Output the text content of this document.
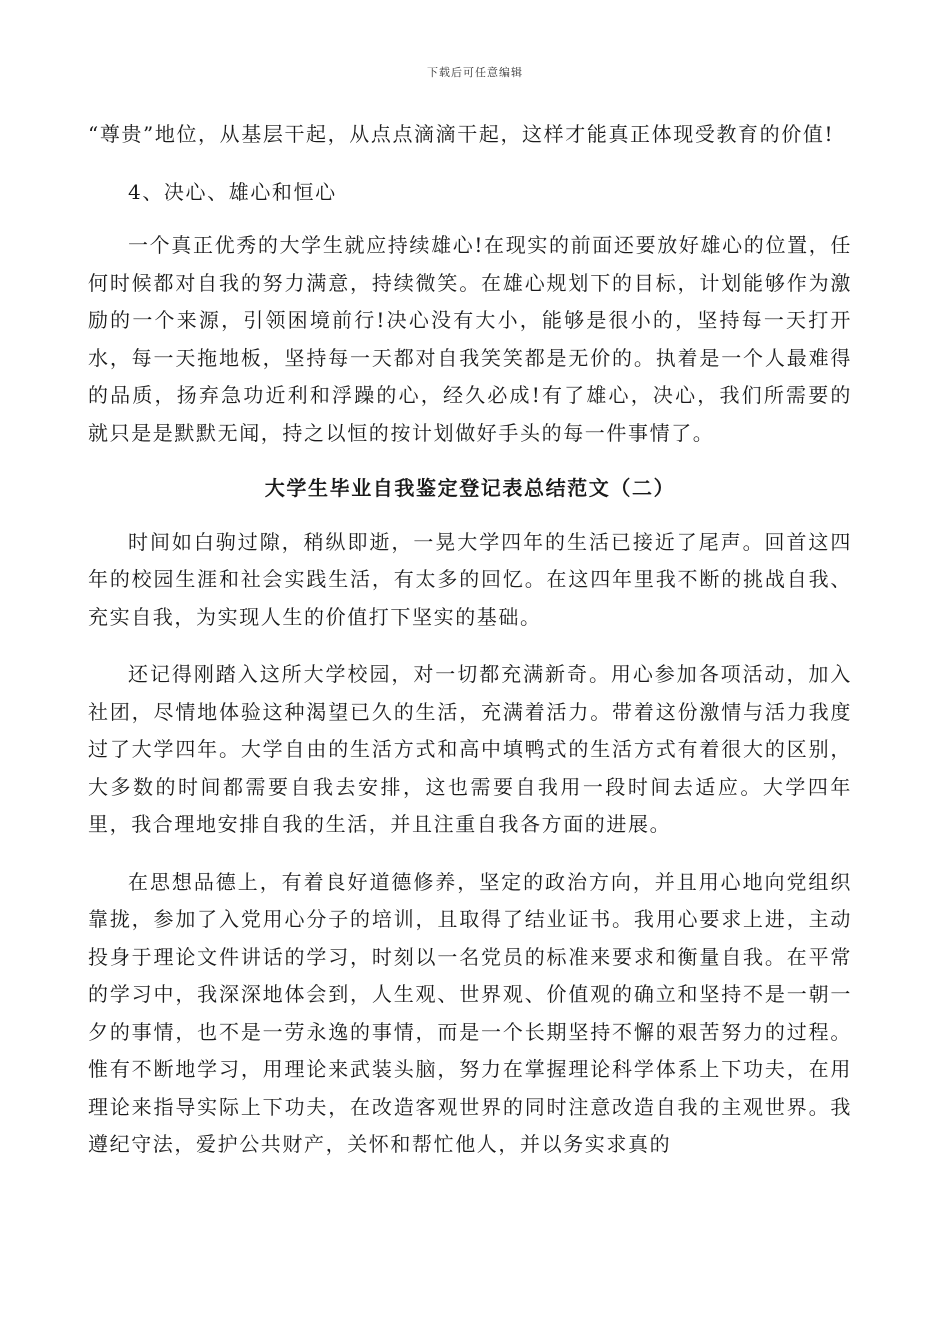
下载后可任意编辑

“尊贵”地位，从基层干起，从点点滴滴干起，这样才能真正体现受教育的价值!

4、决心、雄心和恒心

一个真正优秀的大学生就应持续雄心!在现实的前面还要放好雄心的位置，任何时候都对自我的努力满意，持续微笑。在雄心规划下的目标，计划能够作为激励的一个来源，引领困境前行!决心没有大小，能够是很小的，坚持每一天打开水，每一天拖地板，坚持每一天都对自我笑笑都是无价的。执着是一个人最难得的品质，扬弃急功近利和浮躁的心，经久必成!有了雄心，决心，我们所需要的就只是是默默无闻，持之以恒的按计划做好手头的每一件事情了。

大学生毕业自我鉴定登记表总结范文（二）

时间如白驹过隙，稍纵即逝，一晃大学四年的生活已接近了尾声。回首这四年的校园生涯和社会实践生活，有太多的回忆。在这四年里我不断的挑战自我、充实自我，为实现人生的价值打下坚实的基础。

还记得刚踏入这所大学校园，对一切都充满新奇。用心参加各项活动，加入社团，尽情地体验这种渴望已久的生活，充满着活力。带着这份激情与活力我度过了大学四年。大学自由的生活方式和高中填鸭式的生活方式有着很大的区别，大多数的时间都需要自我去安排，这也需要自我用一段时间去适应。大学四年里，我合理地安排自我的生活，并且注重自我各方面的进展。

在思想品德上，有着良好道德修养，坚定的政治方向，并且用心地向党组织靠拢，参加了入党用心分子的培训，且取得了结业证书。我用心要求上进，主动投身于理论文件讲话的学习，时刻以一名党员的标准来要求和衡量自我。在平常的学习中，我深深地体会到，人生观、世界观、价值观的确立和坚持不是一朝一夕的事情，也不是一劳永逸的事情，而是一个长期坚持不懈的艰苦努力的过程。惟有不断地学习，用理论来武装头脑，努力在掌握理论科学体系上下功夫，在用理论来指导实际上下功夫，在改造客观世界的同时注意改造自我的主观世界。我遵纪守法，爱护公共财产，关怀和帮忙他人，并以务实求真的
